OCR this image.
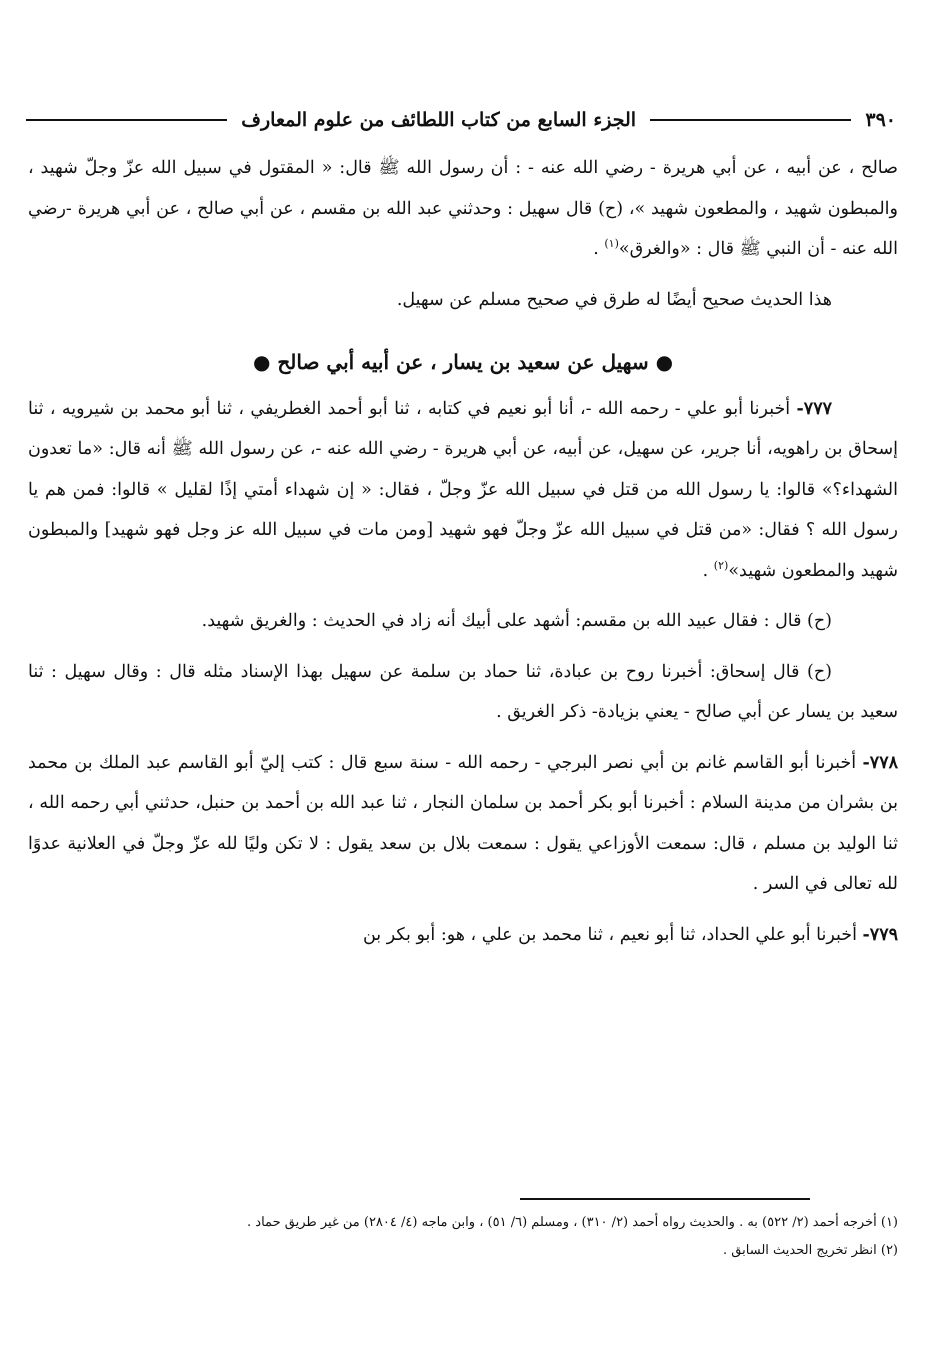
٣٩٠
الجزء السابع من كتاب اللطائف من علوم المعارف

صالح ، عن أبيه ، عن أبي هريرة - رضي الله عنه - : أن رسول الله ﷺ قال: « المقتول في سبيل الله عزّ وجلّ شهيد ، والمبطون شهيد ، والمطعون شهيد »، (ح) قال سهيل : وحدثني عبد الله بن مقسم ، عن أبي صالح ، عن أبي هريرة -رضي الله عنه - أن النبي ﷺ قال : «والغرق»$^{(١)}$ .

هذا الحديث صحيح أيضًا له طرق في صحيح مسلم عن سهيل.

● سهيل عن سعيد بن يسار ، عن أبيه أبي صالح ●

٧٧٧- أخبرنا أبو علي - رحمه الله -، أنا أبو نعيم في كتابه ، ثنا أبو أحمد الغطريفي ، ثنا أبو محمد بن شيرويه ، ثنا إسحاق بن راهويه، أنا جرير، عن سهيل، عن أبيه، عن أبي هريرة - رضي الله عنه -، عن رسول الله ﷺ أنه قال: «ما تعدون الشهداء؟» قالوا: يا رسول الله من قتل في سبيل الله عزّ وجلّ ، فقال: « إن شهداء أمتي إذًا لقليل » قالوا: فمن هم يا رسول الله ؟ فقال: «من قتل في سبيل الله عزّ وجلّ فهو شهيد [ومن مات في سبيل الله عز وجل فهو شهيد] والمبطون شهيد والمطعون شهيد»$^{(٢)}$ .

(ح) قال : فقال عبيد الله بن مقسم: أشهد على أبيك أنه زاد في الحديث : والغريق شهيد.

(ح) قال إسحاق: أخبرنا روح بن عبادة، ثنا حماد بن سلمة عن سهيل بهذا الإسناد مثله قال : وقال سهيل : ثنا سعيد بن يسار عن أبي صالح - يعني بزيادة- ذكر الغريق .

٧٧٨- أخبرنا أبو القاسم غانم بن أبي نصر البرجي - رحمه الله - سنة سبع قال : كتب إليّ أبو القاسم عبد الملك بن محمد بن بشران من مدينة السلام : أخبرنا أبو بكر أحمد بن سلمان النجار ، ثنا عبد الله بن أحمد بن حنبل، حدثني أبي رحمه الله ، ثنا الوليد بن مسلم ، قال: سمعت الأوزاعي يقول : سمعت بلال بن سعد يقول : لا تكن وليًا لله عزّ وجلّ في العلانية عدوًا لله تعالى في السر .

٧٧٩- أخبرنا أبو علي الحداد، ثنا أبو نعيم ، ثنا محمد بن علي ، هو: أبو بكر بن

(١) أخرجه أحمد (٢/ ٥٢٢) به . والحديث رواه أحمد (٢/ ٣١٠) ، ومسلم (٦/ ٥١) ، وابن ماجه (٤/ ٢٨٠٤) من غير طريق حماد .

(٢) انظر تخريج الحديث السابق .
